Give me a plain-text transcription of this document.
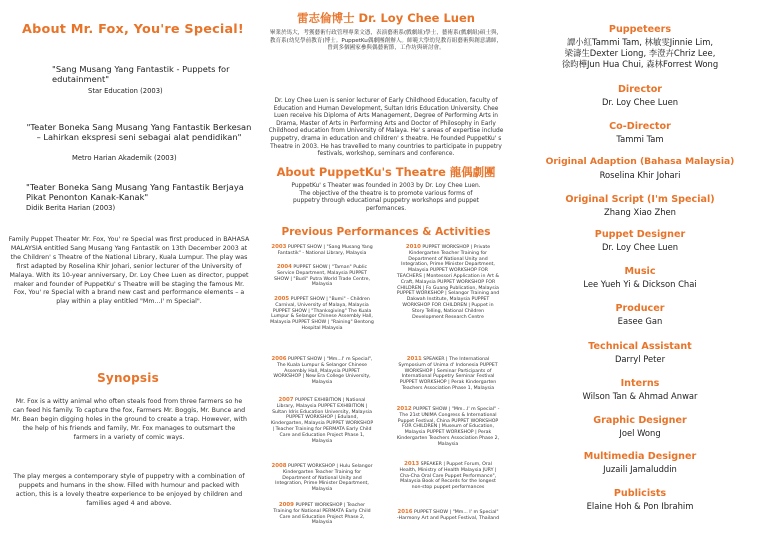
About Mr. Fox, You're Special!
"Sang Musang Yang Fantastik - Puppets for edutainment"
Star Education (2003)
"Teater Boneka Sang Musang Yang Fantastik Berkesan – Lahirkan ekspresi seni sebagai alat pendidikan"
Metro Harian Akademik (2003)
"Teater Boneka Sang Musang Yang Fantastik Berjaya Pikat Penonton Kanak-Kanak"
Didik Berita Harian (2003)
Family Puppet Theater Mr. Fox, You' re Special was first produced in BAHASA MALAYSIA entitled Sang Musang Yang Fantastik on 13th December 2003 at the Children' s Theatre of the National Library, Kuala Lumpur. The play was first adapted by Roselina Khir Johari, senior lecturer of the University of Malaya. With its 10-year anniversary, Dr. Loy Chee Luen as director, puppet maker and founder of PuppetKu' s Theatre will be staging the famous Mr. Fox, You' re Special with a brand new cast and performance elements – a play within a play entitled "Mm...I' m Special".
Synopsis
Mr. Fox is a witty animal who often steals food from three farmers so he can feed his family. To capture the fox, Farmers Mr. Boggis, Mr. Bunce and Mr. Bean begin digging holes in the ground to create a trap. However, with the help of his friends and family, Mr. Fox manages to outsmart the farmers in a variety of comic ways.
The play merges a contemporary style of puppetry with a combination of puppets and humans in the show. Filled with humour and packed with action, this is a lovely theatre experience to be enjoyed by children and families aged 4 and above.
雷志倫博士 Dr. Loy Chee Luen
畢業於馬大，考獲藝術行政管理專業文憑，表演藝術系(戲劇組)學士，藝術系(戲劇組)碩士與，教育系(幼兒學前教育)博士。PuppetKu偶劇團創辦人。師範大學幼兒教育組藝術與創意講師，曾到多個國家參與偶藝術節，工作坊與研討會。
Dr. Loy Chee Luen is senior lecturer of Early Childhood Education, faculty of Education and Human Development, Sultan Idris Education University. Chee Luen receive his Diploma of Arts Management, Degree of Performing Arts in Drama, Master of Arts in Performing Arts and Doctor of Philosophy in Early Childhood education from University of Malaya. He' s areas of expertise include puppetry, drama in education and children' s theatre. He founded PuppetKu' s Theatre in 2003. He has travelled to many countries to participate in puppetry festivals, workshop, seminars and conference.
About PuppetKu's Theatre 龍偶劇團
PuppetKu' s Theater was founded in 2003 by Dr. Loy Chee Luen. The objective of the theatre is to promote various forms of puppetry through educational puppetry workshops and puppet perfomances.
Previous Performances & Activities
2003 PUPPET SHOW | "Sang Musang Yang Fantastik" - National Library, Malaysia
2004 PUPPET SHOW | "Taman" Public Service Department, Malaysia PUPPET SHOW | "Budi" Putra World Trade Centre, Malaysia
2005 PUPPET SHOW | "Bumi" - Children Carnival, University of Malaya, Malaysia PUPPET SHOW | "Thanksgiving" The Kuala Lumpur & Selangor Chinese Assembly Hall, Malaysia PUPPET SHOW | "Raining" Bentong Hospital Malaysia
2006 PUPPET SHOW | "Mm...I' m Special", The Kuala Lumpur & Selangor Chinese Assembly Hall, Malaysia PUPPET WORKSHOP | New Era College University, Malaysia
2007 PUPPET EXHIBITION | National Library, Malaysia PUPPET EXHIBITION | Sultan Idris Education University, Malaysia PUPPET WORKSHOP | Eduland, Kindergarten, Malaysia PUPPET WORKSHOP | Teacher Training for PERMATA Early Child Care and Education Project Phase 1, Malaysia
2008 PUPPET WORKSHOP | Hulu Selangor Kindergarten Teacher Training for Department of National Unity and Integration, Prime Minister Department, Malaysia
2009 PUPPET WORKSHOP | Teacher Training for National PERMATA Early Child Care and Education Project Phase 2, Malaysia
2010 PUPPET WORKSHOP | Private Kindergarten Teacher Training for Department of National Unity and Integration, Prime Minister Department, Malaysia PUPPET WORKSHOP FOR TEACHERS | Montessori Application in Art & Craft, Malaysia PUPPET WORKSHOP FOR CHILDREN | Fo Guang Publication, Malaysia PUPPET WORKSHOP | Selangor Training and Dakwah Institute, Malaysia PUPPET WORKSHOP FOR CHILDREN | Puppet in Story Telling, National Children Development Research Centre
2011 SPEAKER | The International Symposium of Unima d' Indonesia PUPPET WORKSHOP | Seminar Participants of International Puppetry Seminar Festival PUPPET WORKSHOP | Perak Kindergarten Teachers Association Phase 1, Malaysia
2012 PUPPET SHOW | "Mm...I' m Special" -The 21st UNIMA Congress & International Puppet Festival, China PUPPET WORKSHOP FOR CHILDREN | Museum of Education, Malaysia PUPPET WORKSHOP | Perak Kindergarten Teachers Association Phase 2, Malaysia
2013 SPEAKER | Puppet Forum, Oral Health, Ministry of Health Malaysia JURY | Cha-Cha Oral Care Puppet Performance", Malaysia Book of Records for the longest non-stop puppet performances
2016 PUPPET SHOW | "Mm... I' m Special" -Harmony Art and Puppet Festival, Thailand
Puppeteers
譚小紅Tammi Tam, 林敏雯Jinnie Lim,
梁濤生Dexter Liong, 李澄卉Chriz Lee,
徐昀樺Jun Hua Chui, 森林Forrest Wong
Director
Dr. Loy Chee Luen
Co-Director
Tammi Tam
Original Adaption (Bahasa Malaysia)
Roselina Khir Johari
Original Script (I'm Special)
Zhang Xiao Zhen
Puppet Designer
Dr. Loy Chee Luen
Music
Lee Yueh Yi & Dickson Chai
Producer
Easee Gan
Technical Assistant
Darryl Peter
Interns
Wilson Tan & Ahmad Anwar
Graphic Designer
Joel Wong
Multimedia Designer
Juzaili Jamaluddin
Publicists
Elaine Hoh & Pon Ibrahim
